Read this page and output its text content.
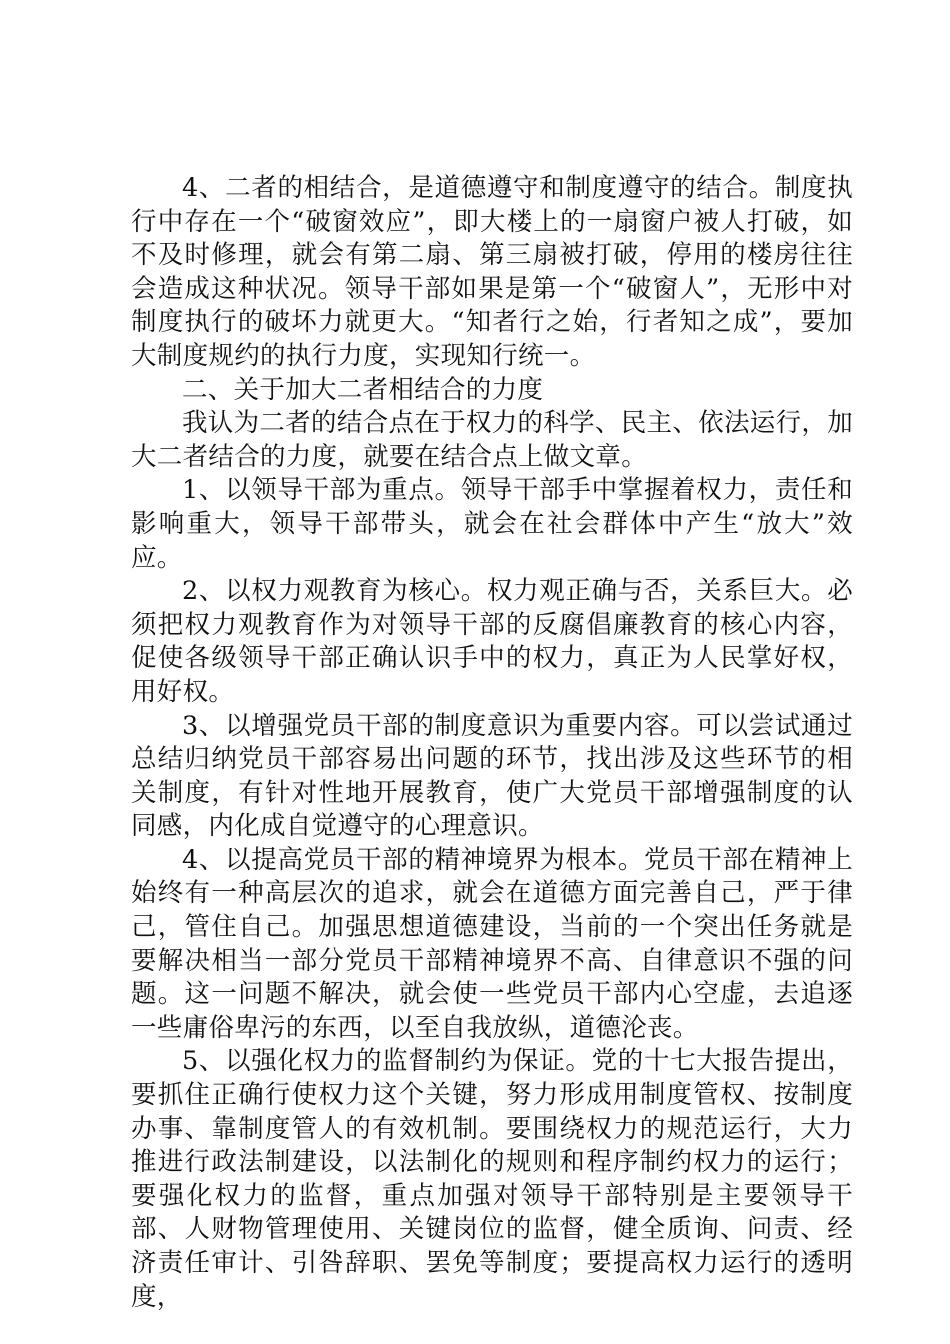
4、二者的相结合，是道德遵守和制度遵守的结合。制度执行中存在一个“破窗效应”，即大楼上的一扇窗户被人打破，如不及时修理，就会有第二扇、第三扇被打破，停用的楼房往往会造成这种状况。领导干部如果是第一个“破窗人”，无形中对制度执行的破坏力就更大。“知者行之始，行者知之成”，要加大制度规约的执行力度，实现知行统一。

二、关于加大二者相结合的力度

我认为二者的结合点在于权力的科学、民主、依法运行，加大二者结合的力度，就要在结合点上做文章。

1、以领导干部为重点。领导干部手中掌握着权力，责任和影响重大，领导干部带头，就会在社会群体中产生“放大”效应。

2、以权力观教育为核心。权力观正确与否，关系巨大。必须把权力观教育作为对领导干部的反腐倡廉教育的核心内容，促使各级领导干部正确认识手中的权力，真正为人民掌好权，用好权。

3、以增强党员干部的制度意识为重要内容。可以尝试通过总结归纳党员干部容易出问题的环节，找出涉及这些环节的相关制度，有针对性地开展教育，使广大党员干部增强制度的认同感，内化成自觉遵守的心理意识。

4、以提高党员干部的精神境界为根本。党员干部在精神上始终有一种高层次的追求，就会在道德方面完善自己，严于律己，管住自己。加强思想道德建设，当前的一个突出任务就是要解决相当一部分党员干部精神境界不高、自律意识不强的问题。这一问题不解决，就会使一些党员干部内心空虚，去追逐一些庸俗卑污的东西，以至自我放纵，道德沦丧。

5、以强化权力的监督制约为保证。党的十七大报告提出，要抓住正确行使权力这个关键，努力形成用制度管权、按制度办事、靠制度管人的有效机制。要围绕权力的规范运行，大力推进行政法制建设，以法制化的规则和程序制约权力的运行；要强化权力的监督，重点加强对领导干部特别是主要领导干部、人财物管理使用、关键岗位的监督，健全质询、问责、经济责任审计、引咎辞职、罢免等制度；要提高权力运行的透明度，
